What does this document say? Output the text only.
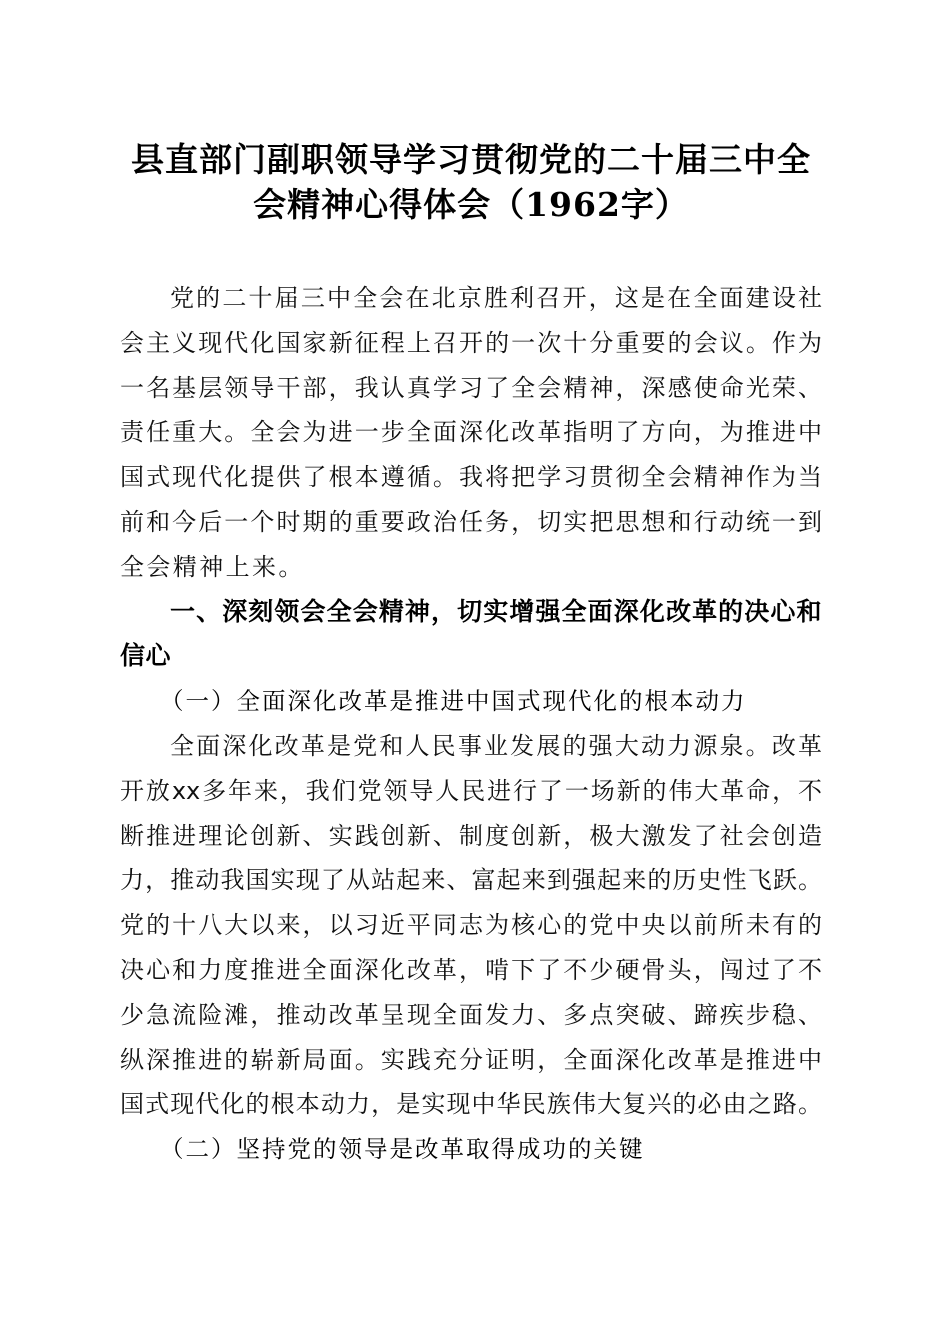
县直部门副职领导学习贯彻党的二十届三中全
会精神心得体会（1962字）
党的二十届三中全会在北京胜利召开，这是在全面建设社
会主义现代化国家新征程上召开的一次十分重要的会议。作为
一名基层领导干部，我认真学习了全会精神，深感使命光荣、
责任重大。全会为进一步全面深化改革指明了方向，为推进中
国式现代化提供了根本遵循。我将把学习贯彻全会精神作为当
前和今后一个时期的重要政治任务，切实把思想和行动统一到
全会精神上来。
一、深刻领会全会精神，切实增强全面深化改革的决心和
信心
（一）全面深化改革是推进中国式现代化的根本动力
全面深化改革是党和人民事业发展的强大动力源泉。改革
开放xx多年来，我们党领导人民进行了一场新的伟大革命，不
断推进理论创新、实践创新、制度创新，极大激发了社会创造
力，推动我国实现了从站起来、富起来到强起来的历史性飞跃。
党的十八大以来，以习近平同志为核心的党中央以前所未有的
决心和力度推进全面深化改革，啃下了不少硬骨头，闯过了不
少急流险滩，推动改革呈现全面发力、多点突破、蹄疾步稳、
纵深推进的崭新局面。实践充分证明，全面深化改革是推进中
国式现代化的根本动力，是实现中华民族伟大复兴的必由之路。
（二）坚持党的领导是改革取得成功的关键
